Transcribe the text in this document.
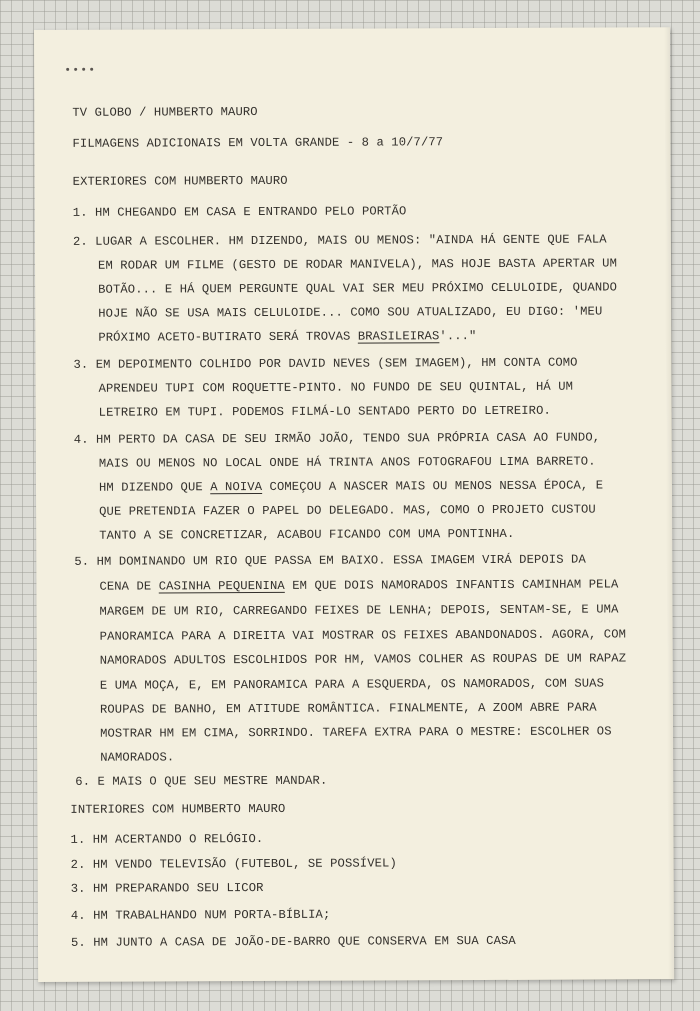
TV GLOBO / HUMBERTO MAURO

FILMAGENS ADICIONAIS EM VOLTA GRANDE - 8 a 10/7/77

EXTERIORES COM HUMBERTO MAURO

1. HM CHEGANDO EM CASA E ENTRANDO PELO PORTÃO

2. LUGAR A ESCOLHER. HM DIZENDO, MAIS OU MENOS: "AINDA HÁ GENTE QUE FALA

EM RODAR UM FILME (GESTO DE RODAR MANIVELA), MAS HOJE BASTA APERTAR UM

BOTÃO... E HÁ QUEM PERGUNTE QUAL VAI SER MEU PRÓXIMO CELULOIDE, QUANDO

HOJE NÃO SE USA MAIS CELULOIDE... COMO SOU ATUALIZADO, EU DIGO: 'MEU

PRÓXIMO ACETO-BUTIRATO SERÁ TROVAS BRASILEIRAS'..."

3. EM DEPOIMENTO COLHIDO POR DAVID NEVES (SEM IMAGEM), HM CONTA COMO

APRENDEU TUPI COM ROQUETTE-PINTO. NO FUNDO DE SEU QUINTAL, HÁ UM

LETREIRO EM TUPI. PODEMOS FILMÁ-LO SENTADO PERTO DO LETREIRO.

4. HM PERTO DA CASA DE SEU IRMÃO JOÃO, TENDO SUA PRÓPRIA CASA AO FUNDO,

MAIS OU MENOS NO LOCAL ONDE HÁ TRINTA ANOS FOTOGRAFOU LIMA BARRETO.

HM DIZENDO QUE A NOIVA COMEÇOU A NASCER MAIS OU MENOS NESSA ÉPOCA, E

QUE PRETENDIA FAZER O PAPEL DO DELEGADO. MAS, COMO O PROJETO CUSTOU

TANTO A SE CONCRETIZAR, ACABOU FICANDO COM UMA PONTINHA.

5. HM DOMINANDO UM RIO QUE PASSA EM BAIXO. ESSA IMAGEM VIRÁ DEPOIS DA

CENA DE CASINHA PEQUENINA EM QUE DOIS NAMORADOS INFANTIS CAMINHAM PELA

MARGEM DE UM RIO, CARREGANDO FEIXES DE LENHA; DEPOIS, SENTAM-SE, E UMA

PANORAMICA PARA A DIREITA VAI MOSTRAR OS FEIXES ABANDONADOS. AGORA, COM

NAMORADOS ADULTOS ESCOLHIDOS POR HM, VAMOS COLHER AS ROUPAS DE UM RAPAZ

E UMA MOÇA, E, EM PANORAMICA PARA A ESQUERDA, OS NAMORADOS, COM SUAS

ROUPAS DE BANHO, EM ATITUDE ROMÂNTICA. FINALMENTE, A ZOOM ABRE PARA

MOSTRAR HM EM CIMA, SORRINDO. TAREFA EXTRA PARA O MESTRE: ESCOLHER OS

NAMORADOS.

6. E MAIS O QUE SEU MESTRE MANDAR.

INTERIORES COM HUMBERTO MAURO

1. HM ACERTANDO O RELÓGIO.

2. HM VENDO TELEVISÃO (FUTEBOL, SE POSSÍVEL)

3. HM PREPARANDO SEU LICOR

4. HM TRABALHANDO NUM PORTA-BÍBLIA;

5. HM JUNTO A CASA DE JOÃO-DE-BARRO QUE CONSERVA EM SUA CASA
